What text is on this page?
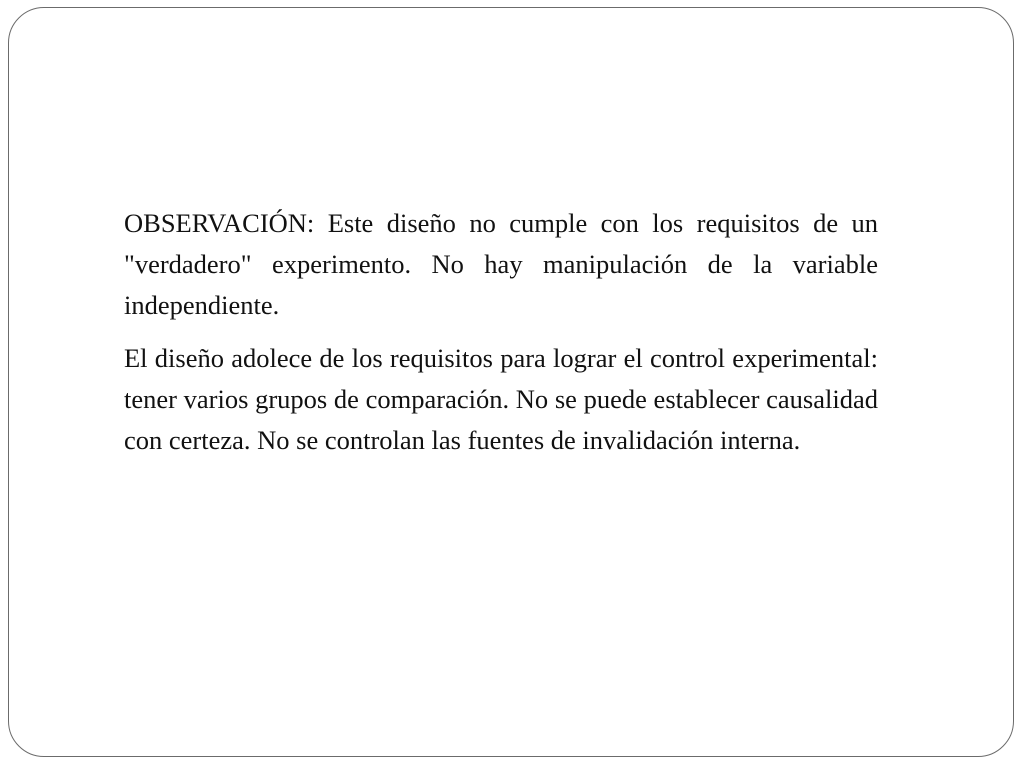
OBSERVACIÓN: Este diseño no cumple con los requisitos de un "verdadero" experimento. No hay manipulación de la variable independiente.

El diseño adolece de los requisitos para lograr el control experimental: tener varios grupos de comparación. No se puede establecer causalidad con certeza. No se controlan las fuentes de invalidación interna.
